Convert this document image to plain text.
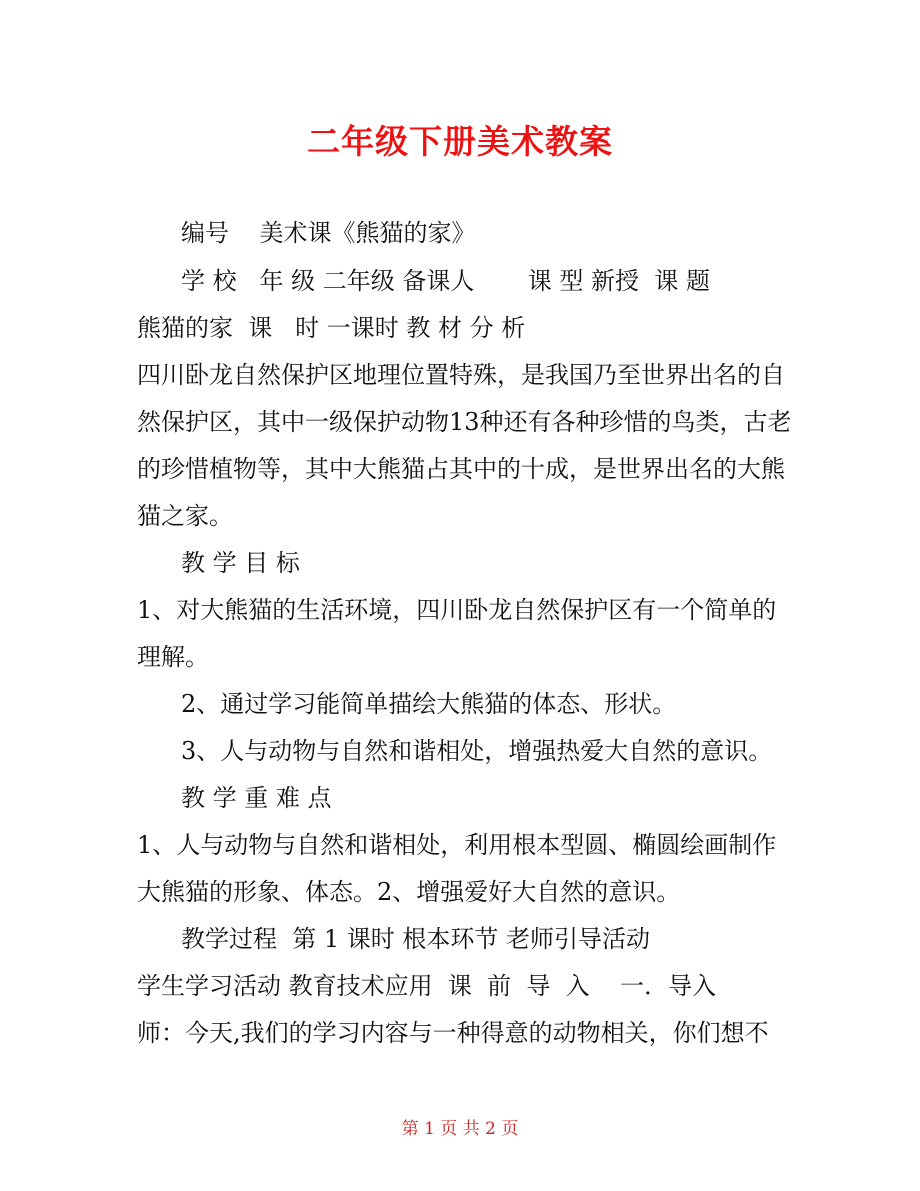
二年级下册美术教案
编号    美术课《熊猫的家》
学 校   年 级 二年级 备课人       课 型 新授  课 题
熊猫的家  课   时 一课时 教 材 分 析
四川卧龙自然保护区地理位置特殊，是我国乃至世界出名的自
然保护区，其中一级保护动物13种还有各种珍惜的鸟类，古老
的珍惜植物等，其中大熊猫占其中的十成，是世界出名的大熊
猫之家。
教 学 目 标
1、对大熊猫的生活环境，四川卧龙自然保护区有一个简单的
理解。
2、通过学习能简单描绘大熊猫的体态、形状。
3、人与动物与自然和谐相处，增强热爱大自然的意识。
教 学 重 难 点
1、人与动物与自然和谐相处，利用根本型圆、椭圆绘画制作
大熊猫的形象、体态。2、增强爱好大自然的意识。
教学过程  第 1 课时 根本环节 老师引导活动
学生学习活动 教育技术应用  课  前  导  入    一．导入
师：今天,我们的学习内容与一种得意的动物相关，你们想不
第 1 页 共 2 页
